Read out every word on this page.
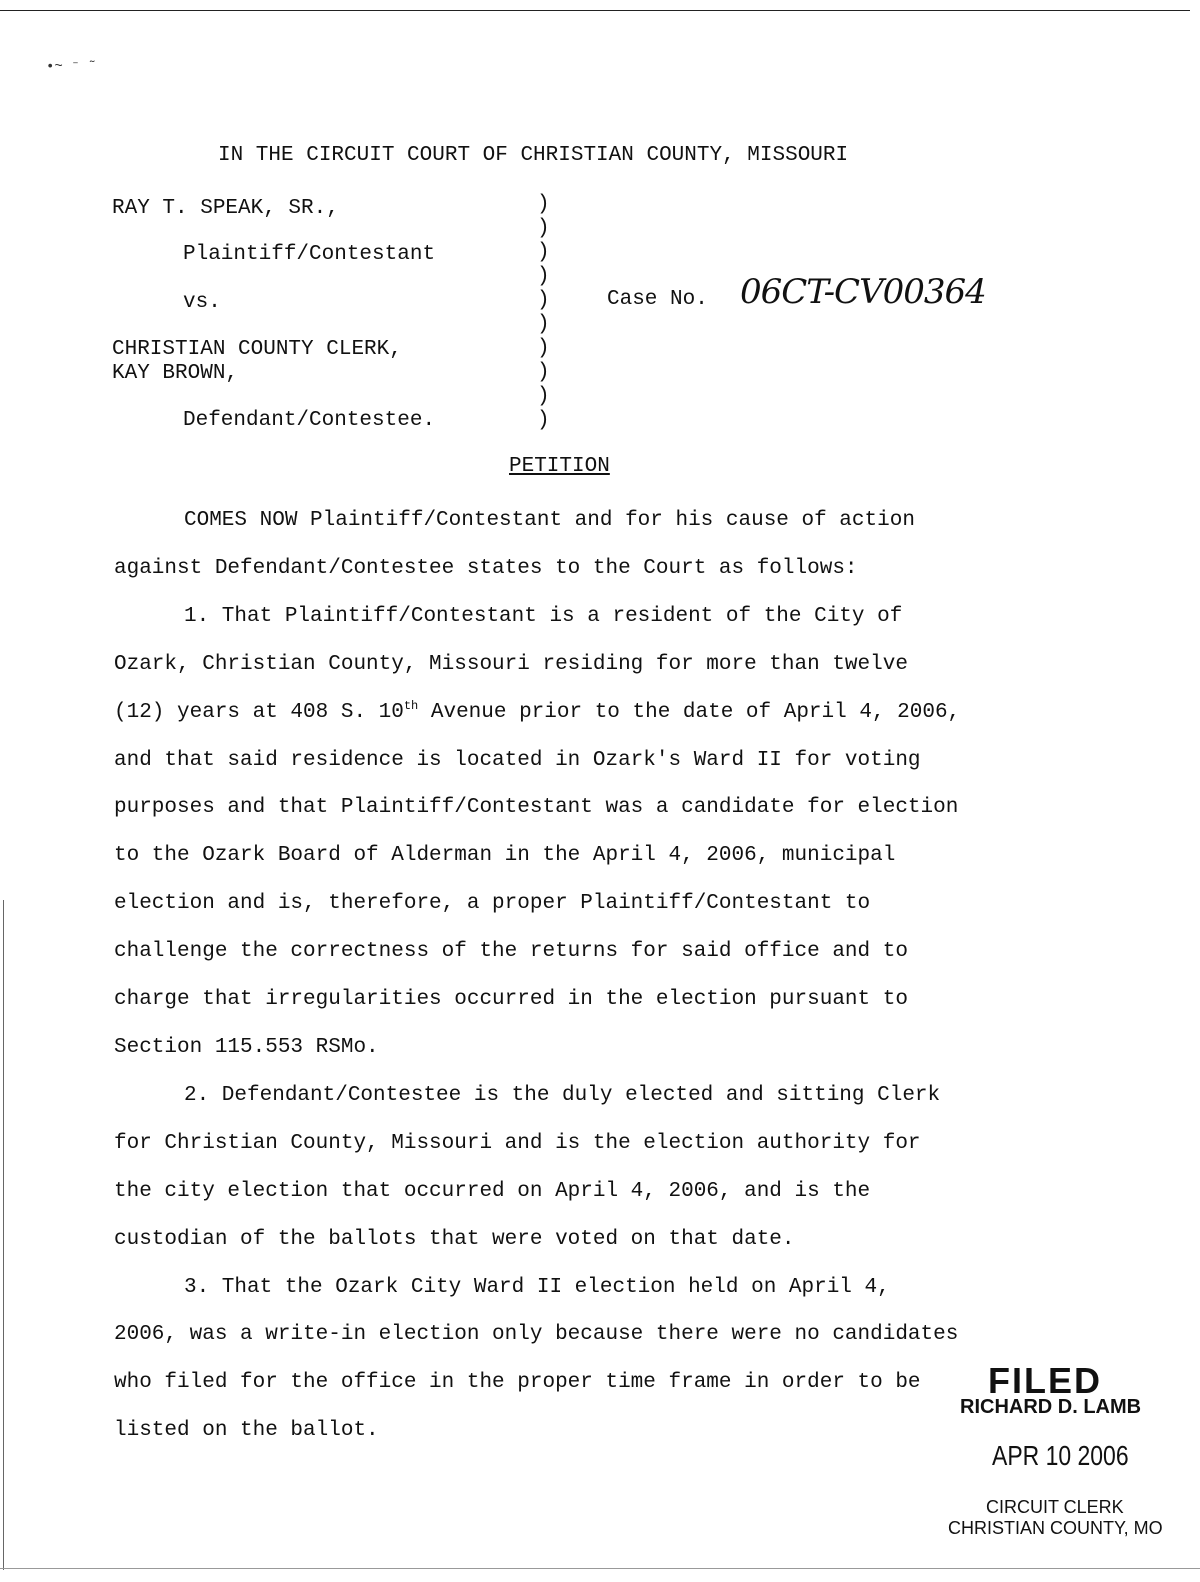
•~ ⁻ ˜
IN THE CIRCUIT COURT OF CHRISTIAN COUNTY, MISSOURI
RAY T. SPEAK, SR.,
Plaintiff/Contestant
vs.
CHRISTIAN COUNTY CLERK,
KAY BROWN,
Defendant/Contestee.
)
)
)
)
)
)
)
)
)
)
Case No. 06CT-CV00364
PETITION
COMES NOW Plaintiff/Contestant and for his cause of action
against Defendant/Contestee states to the Court as follows:
1. That Plaintiff/Contestant is a resident of the City of
Ozark, Christian County, Missouri residing for more than twelve
(12) years at 408 S. 10th Avenue prior to the date of April 4, 2006,
and that said residence is located in Ozark's Ward II for voting
purposes and that Plaintiff/Contestant was a candidate for election
to the Ozark Board of Alderman in the April 4, 2006, municipal
election and is, therefore, a proper Plaintiff/Contestant to
challenge the correctness of the returns for said office and to
charge that irregularities occurred in the election pursuant to
Section 115.553 RSMo.
2. Defendant/Contestee is the duly elected and sitting Clerk
for Christian County, Missouri and is the election authority for
the city election that occurred on April 4, 2006, and is the
custodian of the ballots that were voted on that date.
3. That the Ozark City Ward II election held on April 4,
2006, was a write-in election only because there were no candidates
who filed for the office in the proper time frame in order to be
listed on the ballot.
FILED
RICHARD D. LAMB
APR 10 2006
CIRCUIT CLERK
CHRISTIAN COUNTY, MO
